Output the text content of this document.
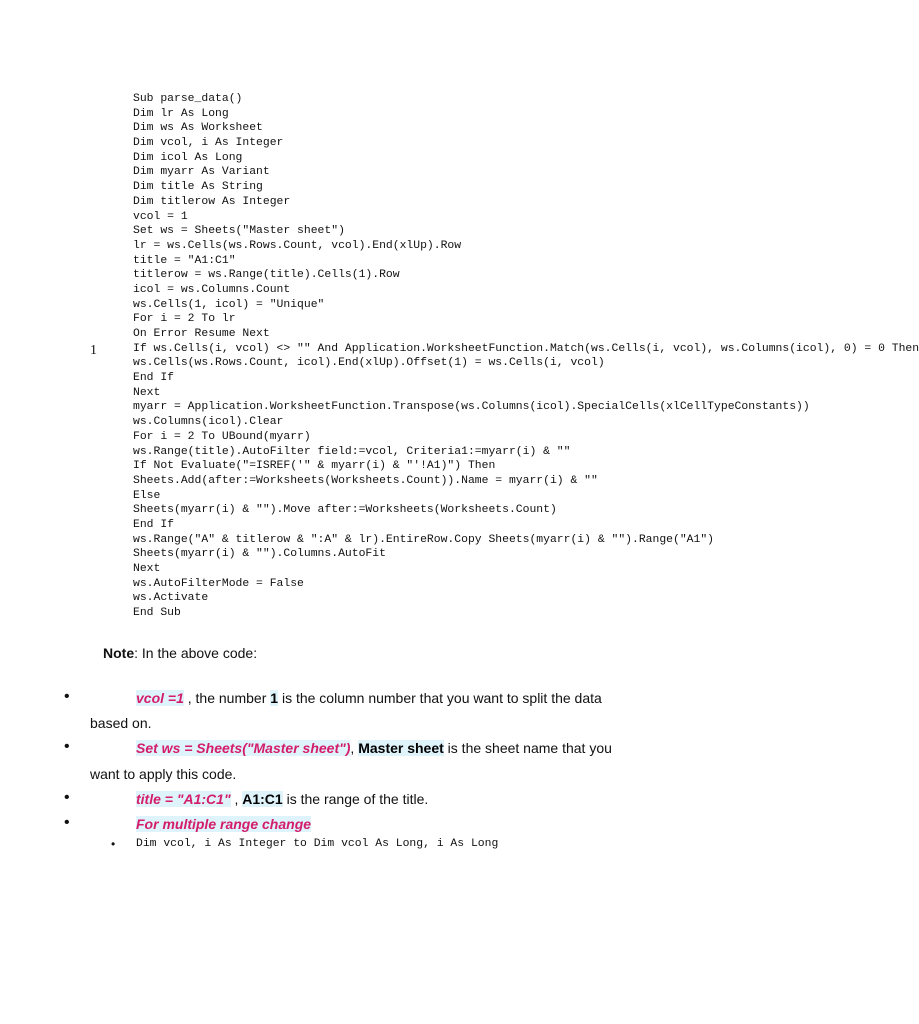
Sub parse_data()
Dim lr As Long
Dim ws As Worksheet
Dim vcol, i As Integer
Dim icol As Long
Dim myarr As Variant
Dim title As String
Dim titlerow As Integer
vcol = 1
Set ws = Sheets("Master sheet")
lr = ws.Cells(ws.Rows.Count, vcol).End(xlUp).Row
title = "A1:C1"
titlerow = ws.Range(title).Cells(1).Row
icol = ws.Columns.Count
ws.Cells(1, icol) = "Unique"
For i = 2 To lr
On Error Resume Next
If ws.Cells(i, vcol) <> "" And Application.WorksheetFunction.Match(ws.Cells(i, vcol), ws.Columns(icol), 0) = 0 Then
ws.Cells(ws.Rows.Count, icol).End(xlUp).Offset(1) = ws.Cells(i, vcol)
End If
Next
myarr = Application.WorksheetFunction.Transpose(ws.Columns(icol).SpecialCells(xlCellTypeConstants))
ws.Columns(icol).Clear
For i = 2 To UBound(myarr)
ws.Range(title).AutoFilter field:=vcol, Criteria1:=myarr(i) & ""
If Not Evaluate("=ISREF('" & myarr(i) & "'!A1)") Then
Sheets.Add(after:=Worksheets(Worksheets.Count)).Name = myarr(i) & ""
Else
Sheets(myarr(i) & "").Move after:=Worksheets(Worksheets.Count)
End If
ws.Range("A" & titlerow & ":A" & lr).EntireRow.Copy Sheets(myarr(i) & "").Range("A1")
Sheets(myarr(i) & "").Columns.AutoFit
Next
ws.AutoFilterMode = False
ws.Activate
End Sub
1
Note: In the above code:
•	vcol =1 , the number 1 is the column number that you want to split the data
based on.
•	Set ws = Sheets("Master sheet"), Master sheet is the sheet name that you
want to apply this code.
•	title = "A1:C1" , A1:C1 is the range of the title.
•	For multiple range change
• Dim vcol, i As Integer to Dim vcol As Long, i As Long
